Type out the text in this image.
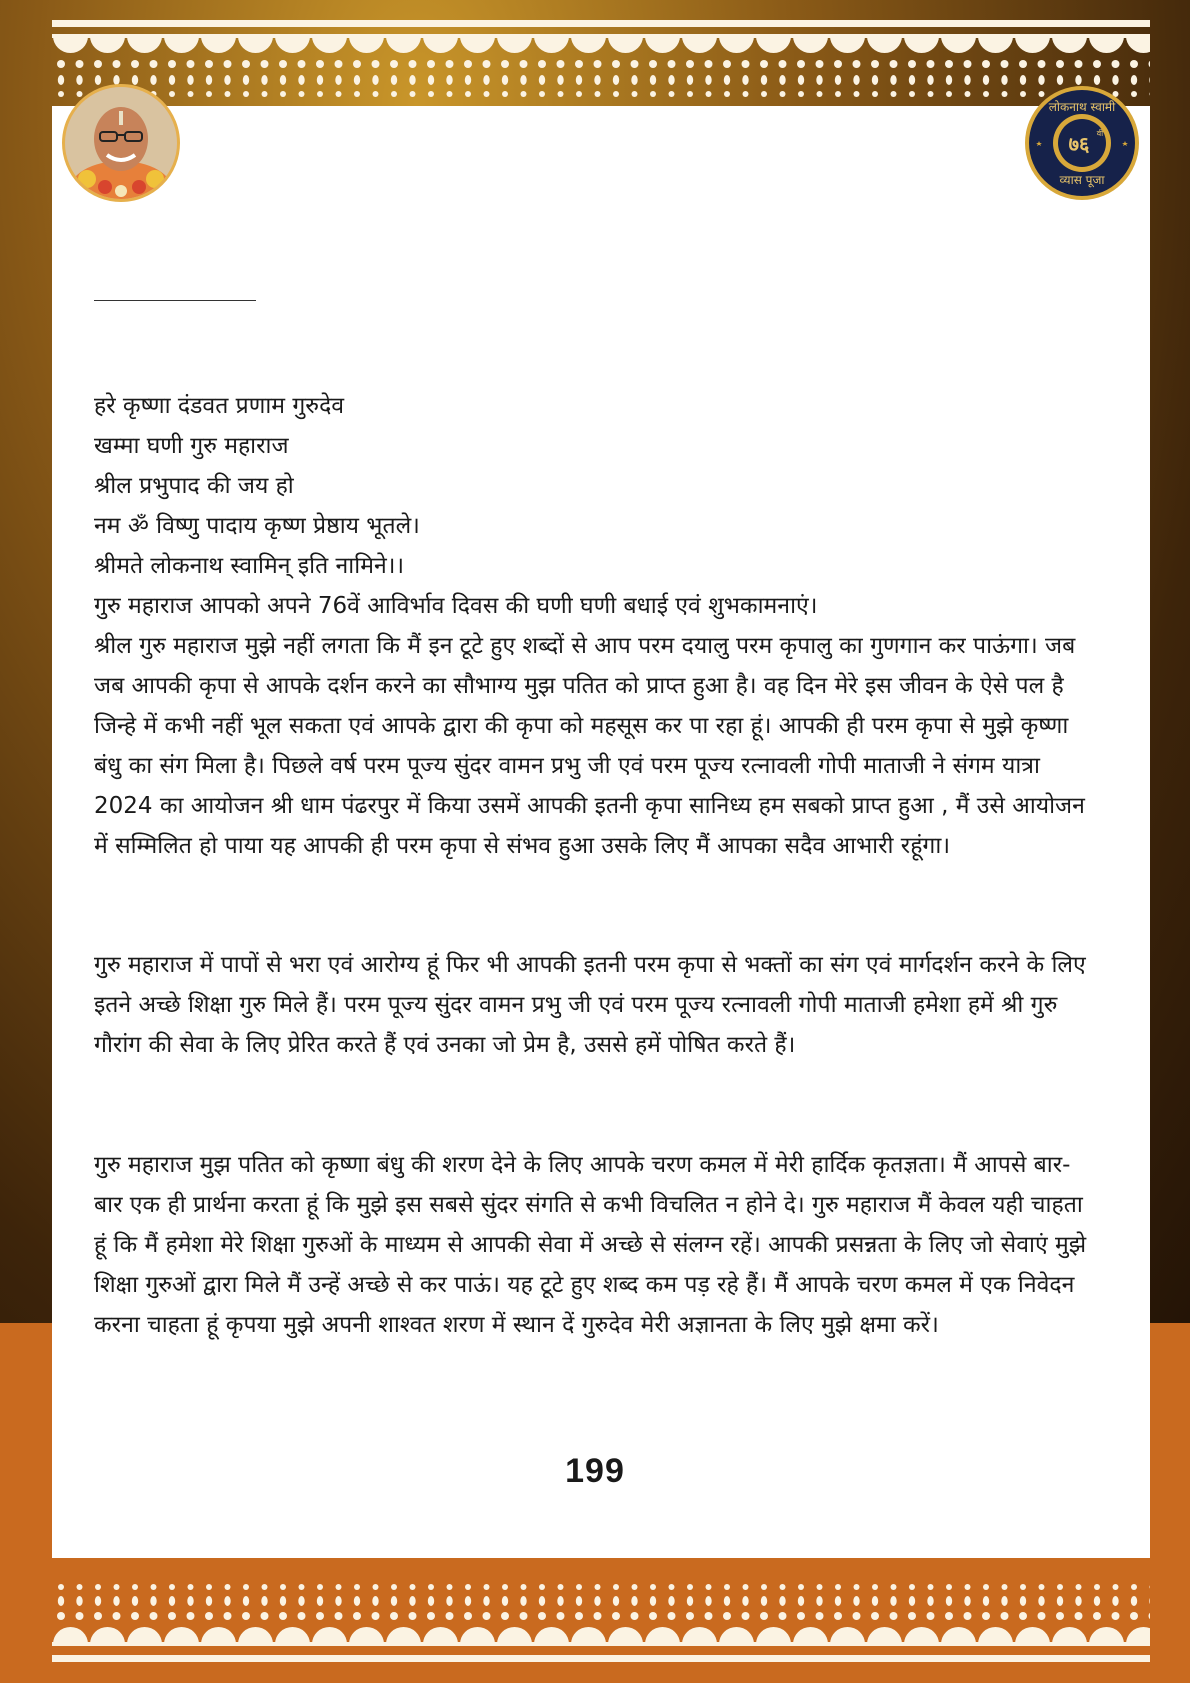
लोकनाथ स्वामी
७६ वी
व्यास पूजा

हरे कृष्णा दंडवत प्रणाम गुरुदेव

खम्मा घणी गुरु महाराज

श्रील प्रभुपाद की जय हो

नम ॐ विष्णु पादाय कृष्ण प्रेष्ठाय भूतले।

श्रीमते लोकनाथ स्वामिन् इति नामिने।।

गुरु महाराज आपको अपने 76वें आविर्भाव दिवस की घणी घणी बधाई एवं शुभकामनाएं।

श्रील गुरु महाराज मुझे नहीं लगता कि मैं इन टूटे हुए शब्दों से आप परम दयालु परम कृपालु का गुणगान कर पाऊंगा। जब जब आपकी कृपा से आपके दर्शन करने का सौभाग्य मुझ पतित को प्राप्त हुआ है। वह दिन मेरे इस जीवन के ऐसे पल है जिन्हे में कभी नहीं भूल सकता एवं आपके द्वारा की कृपा को महसूस कर पा रहा हूं। आपकी ही परम कृपा से मुझे कृष्णा बंधु का संग मिला है। पिछले वर्ष परम पूज्य सुंदर वामन प्रभु जी एवं परम पूज्य रत्नावली गोपी माताजी ने संगम यात्रा 2024 का आयोजन श्री धाम पंढरपुर में किया उसमें आपकी इतनी कृपा सानिध्य हम सबको प्राप्त हुआ , मैं उसे आयोजन में सम्मिलित हो पाया यह आपकी ही परम कृपा से संभव हुआ उसके लिए मैं आपका सदैव आभारी रहूंगा।

गुरु महाराज में पापों से भरा एवं आरोग्य हूं फिर भी आपकी इतनी परम कृपा से भक्तों का संग एवं मार्गदर्शन करने के लिए इतने अच्छे शिक्षा गुरु मिले हैं। परम पूज्य सुंदर वामन प्रभु जी एवं परम पूज्य रत्नावली गोपी माताजी हमेशा हमें श्री गुरु गौरांग की सेवा के लिए प्रेरित करते हैं एवं उनका जो प्रेम है, उससे हमें पोषित करते हैं।

गुरु महाराज मुझ पतित को कृष्णा बंधु की शरण देने के लिए आपके चरण कमल में मेरी हार्दिक कृतज्ञता। मैं आपसे बार-बार एक ही प्रार्थना करता हूं कि मुझे इस सबसे सुंदर संगति से कभी विचलित न होने दे। गुरु महाराज मैं केवल यही चाहता हूं कि मैं हमेशा मेरे शिक्षा गुरुओं के माध्यम से आपकी सेवा में अच्छे से संलग्न रहें। आपकी प्रसन्नता के लिए जो सेवाएं मुझे शिक्षा गुरुओं द्वारा मिले मैं उन्हें अच्छे से कर पाऊं। यह टूटे हुए शब्द कम पड़ रहे हैं। मैं आपके चरण कमल में एक निवेदन करना चाहता हूं कृपया मुझे अपनी शाश्वत शरण में स्थान दें गुरुदेव मेरी अज्ञानता के लिए मुझे क्षमा करें।

199
